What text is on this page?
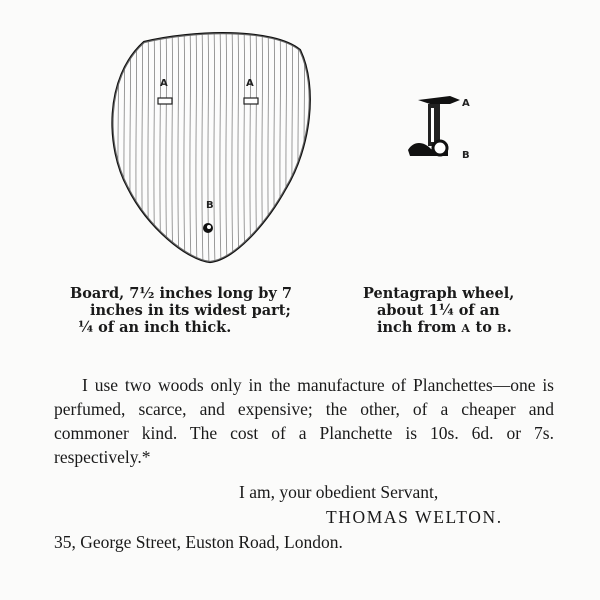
A	A
B
A
B
Board, 7½ inches long by 7
inches in its widest part;
¼ of an inch thick.
Pentagraph wheel,
about 1¼ of an
inch from A to B.
I use two woods only in the manufacture of Planchettes—one is perfumed, scarce, and expensive; the other, of a cheaper and commoner kind. The cost of a Planchette is 10s. 6d. or 7s. respectively.*
I am, your obedient Servant,
THOMAS WELTON.
35, George Street, Euston Road, London.
